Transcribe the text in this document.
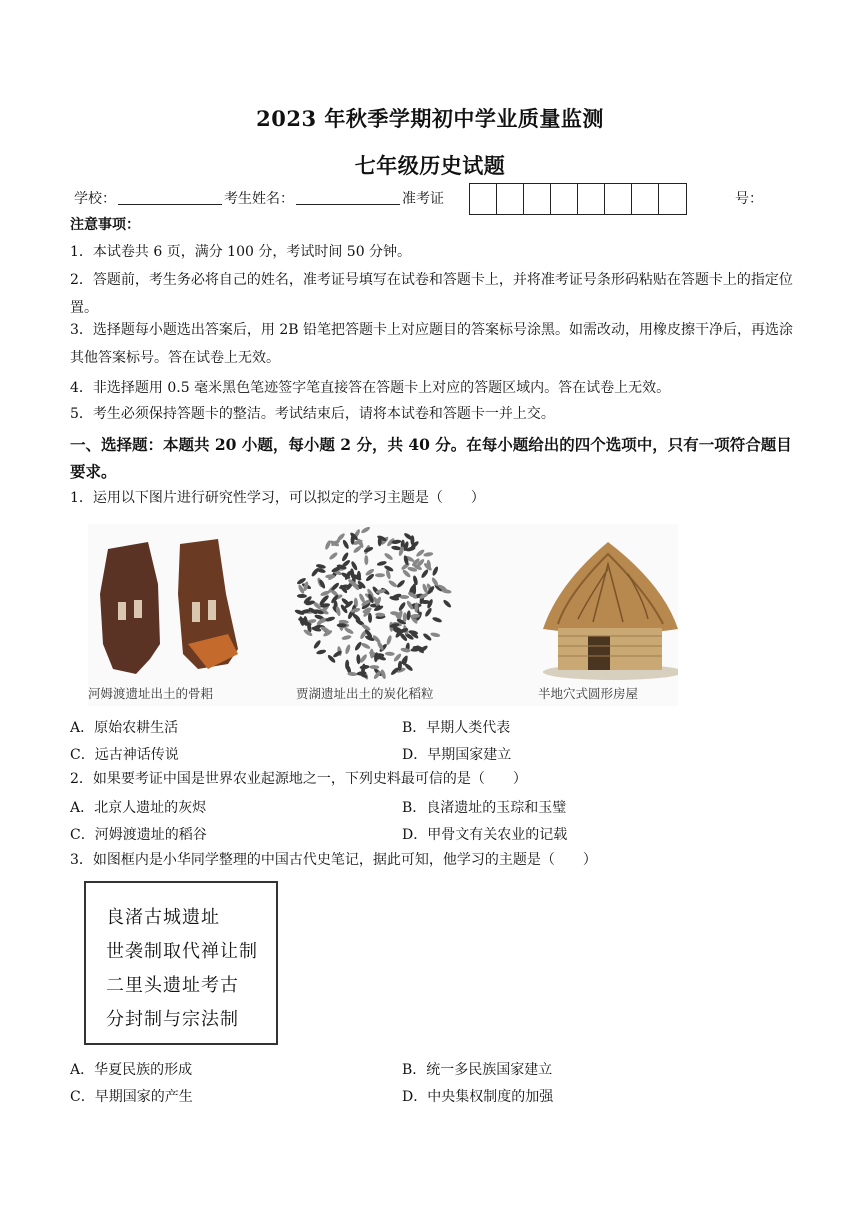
2023 年秋季学期初中学业质量监测
七年级历史试题
学校：	考生姓名：	准考证	号：
注意事项：
1．本试卷共 6 页，满分 100 分，考试时间 50 分钟。
2．答题前，考生务必将自己的姓名，准考证号填写在试卷和答题卡上，并将准考证号条形码粘贴在答题卡上的指定位置。
3．选择题每小题选出答案后，用 2B 铅笔把答题卡上对应题目的答案标号涂黑。如需改动，用橡皮擦干净后，再选涂其他答案标号。答在试卷上无效。
4．非选择题用 0.5 毫米黑色笔迹签字笔直接答在答题卡上对应的答题区域内。答在试卷上无效。
5．考生必须保持答题卡的整洁。考试结束后，请将本试卷和答题卡一并上交。
一、选择题：本题共 20 小题，每小题 2 分，共 40 分。在每小题给出的四个选项中，只有一项符合题目要求。
1．运用以下图片进行研究性学习，可以拟定的学习主题是（　　）
河姆渡遗址出土的骨耜	贾湖遗址出土的炭化稻粒	半地穴式圆形房屋
A．原始农耕生活	B．早期人类代表
C．远古神话传说	D．早期国家建立
2．如果要考证中国是世界农业起源地之一，下列史料最可信的是（　　）
A．北京人遗址的灰烬	B．良渚遗址的玉琮和玉璧
C．河姆渡遗址的稻谷	D．甲骨文有关农业的记载
3．如图框内是小华同学整理的中国古代史笔记，据此可知，他学习的主题是（　　）
良渚古城遗址
世袭制取代禅让制
二里头遗址考古
分封制与宗法制
A．华夏民族的形成	B．统一多民族国家建立
C．早期国家的产生	D．中央集权制度的加强
